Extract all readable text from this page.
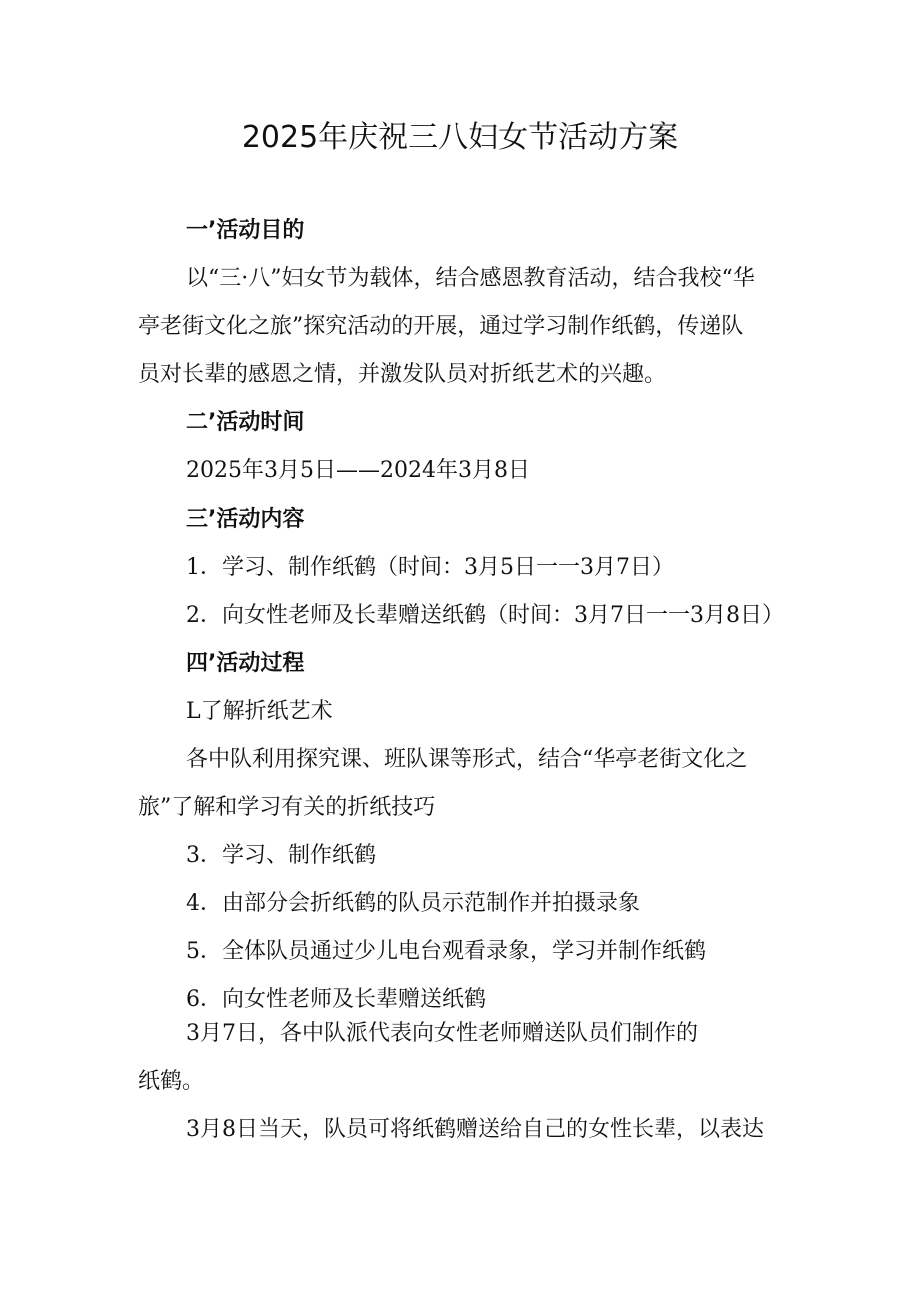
2025年庆祝三八妇女节活动方案

一’活动目的

以“三·八”妇女节为载体，结合感恩教育活动，结合我校“华

亭老街文化之旅”探究活动的开展，通过学习制作纸鹤，传递队

员对长辈的感恩之情，并激发队员对折纸艺术的兴趣。

二’活动时间

2025年3月5日——2024年3月8日

三’活动内容

1．学习、制作纸鹤（时间：3月5日一一3月7日）

2．向女性老师及长辈赠送纸鹤（时间：3月7日一一3月8日）

四’活动过程

L了解折纸艺术

各中队利用探究课、班队课等形式，结合“华亭老街文化之

旅”了解和学习有关的折纸技巧

3．学习、制作纸鹤

4．由部分会折纸鹤的队员示范制作并拍摄录象

5．全体队员通过少儿电台观看录象，学习并制作纸鹤

6．向女性老师及长辈赠送纸鹤

3月7日，各中队派代表向女性老师赠送队员们制作的

纸鹤。

3月8日当天，队员可将纸鹤赠送给自己的女性长辈，以表达
